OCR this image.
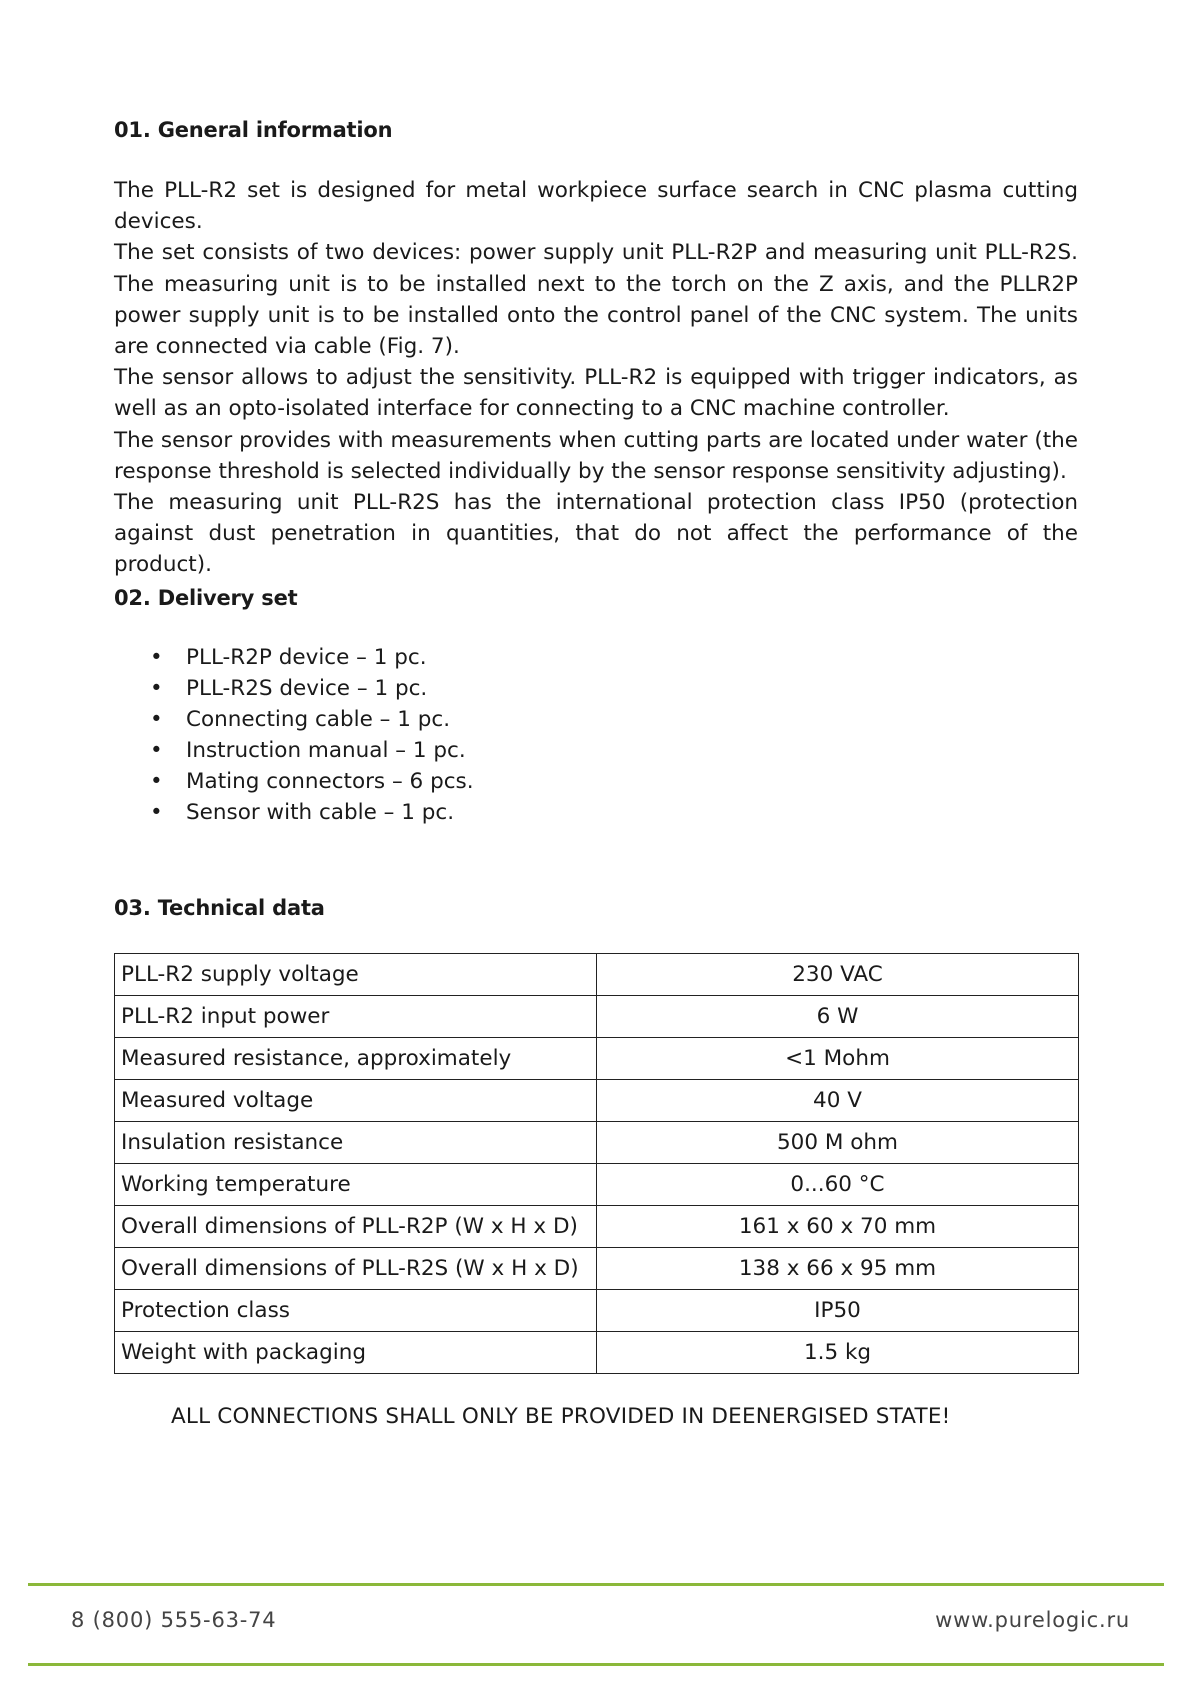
01. General information

The PLL-R2 set is designed for metal workpiece surface search in CNC plasma cutting devices.

The set consists of two devices: power supply unit PLL-R2P and measuring unit PLL-R2S. The measuring unit is to be installed next to the torch on the Z axis, and the PLLR2P power supply unit is to be installed onto the control panel of the CNC system. The units are connected via cable (Fig. 7).

The sensor allows to adjust the sensitivity. PLL-R2 is equipped with trigger indicators, as well as an opto-isolated interface for connecting to a CNC machine controller.

The sensor provides with measurements when cutting parts are located under water (the response threshold is selected individually by the sensor response sensitivity adjusting).

The measuring unit PLL-R2S has the international protection class IP50 (protection against dust penetration in quantities, that do not affect the performance of the product).

02. Delivery set
• PLL-R2P device – 1 pc.
• PLL-R2S device – 1 pc.
• Connecting cable – 1 pc.
• Instruction manual – 1 pc.
• Mating connectors – 6 pcs.
• Sensor with cable – 1 pc.
03. Technical data
PLL-R2 supply voltage	230 VAC
PLL-R2 input power	6 W
Measured resistance, approximately	<1 Mohm
Measured voltage	40 V
Insulation resistance	500 M ohm
Working temperature	0...60 °C
Overall dimensions of PLL-R2P (W x H x D)	161 x 60 x 70 mm
Overall dimensions of PLL-R2S (W x H x D)	138 x 66 x 95 mm
Protection class	IP50
Weight with packaging	1.5 kg

ALL CONNECTIONS SHALL ONLY BE PROVIDED IN DEENERGISED STATE!

8 (800) 555-63-74	www.purelogic.ru
